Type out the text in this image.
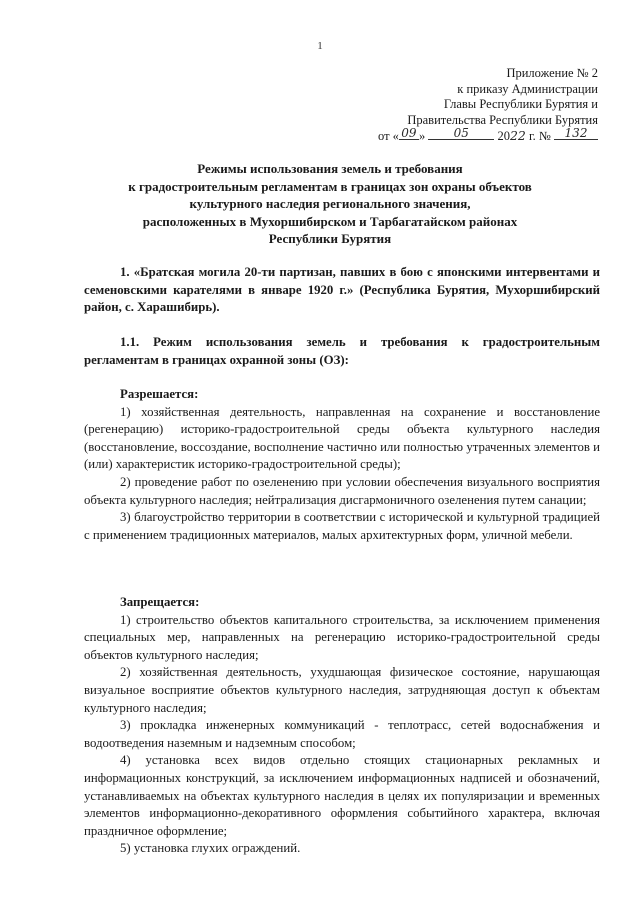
1
Приложение № 2
к приказу Администрации
Главы Республики Бурятия и
Правительства Республики Бурятия
от « 09 »	05	2022 г. №	132
Режимы использования земель и требования
к градостроительным регламентам в границах зон охраны объектов
культурного наследия регионального значения,
расположенных в Мухоршибирском и Тарбагатайском районах
Республики Бурятия

1. «Братская могила 20-ти партизан, павших в бою с японскими интервентами и семеновскими карателями в январе 1920 г.» (Республика Бурятия, Мухоршибирский район, с. Харашибирь).

1.1. Режим использования земель и требования к градостроительным регламентам в границах охранной зоны (ОЗ):

Разрешается:

1) хозяйственная деятельность, направленная на сохранение и восстановление (регенерацию) историко-градостроительной среды объекта культурного наследия (восстановление, воссоздание, восполнение частично или полностью утраченных элементов и (или) характеристик историко-градостроительной среды);

2) проведение работ по озеленению при условии обеспечения визуального восприятия объекта культурного наследия; нейтрализация дисгармоничного озеленения путем санации;

3) благоустройство территории в соответствии с исторической и культурной традицией с применением традиционных материалов, малых архитектурных форм, уличной мебели.

Запрещается:

1) строительство объектов капитального строительства, за исключением применения специальных мер, направленных на регенерацию историко-градостроительной среды объектов культурного наследия;

2) хозяйственная деятельность, ухудшающая физическое состояние, нарушающая визуальное восприятие объектов культурного наследия, затрудняющая доступ к объектам культурного наследия;

3) прокладка инженерных коммуникаций - теплотрасс, сетей водоснабжения и водоотведения наземным и надземным способом;

4) установка всех видов отдельно стоящих стационарных рекламных и информационных конструкций, за исключением информационных надписей и обозначений, устанавливаемых на объектах культурного наследия в целях их популяризации и временных элементов информационно-декоративного оформления событийного характера, включая праздничное оформление;

5) установка глухих ограждений.
